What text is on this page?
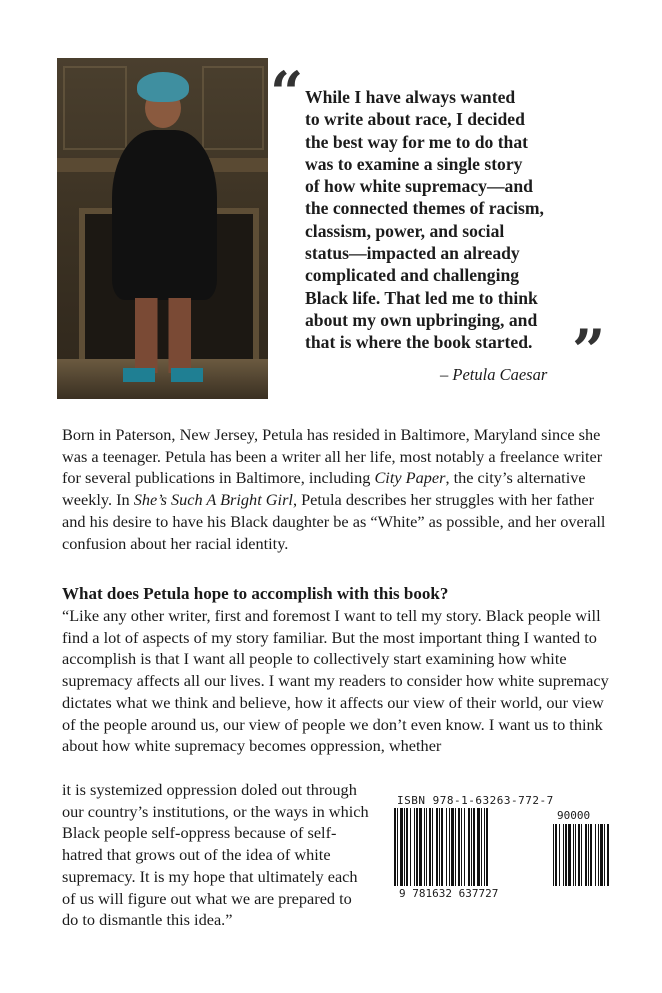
“ While I have always wanted
to write about race, I decided
the best way for me to do that
was to examine a single story
of how white supremacy—and
the connected themes of racism,
classism, power, and social
status—impacted an already
complicated and challenging
Black life. That led me to think
about my own upbringing, and
that is where the book started. ”
– Petula Caesar

Born in Paterson, New Jersey, Petula has resided in Baltimore, Maryland since she was a teenager. Petula has been a writer all her life, most notably a freelance writer for several publications in Baltimore, including City Paper, the city’s alternative weekly. In She’s Such A Bright Girl, Petula describes her struggles with her father and his desire to have his Black daughter be as “White” as possible, and her overall confusion about her racial identity.

What does Petula hope to accomplish with this book?

“Like any other writer, first and foremost I want to tell my story. Black people will find a lot of aspects of my story familiar. But the most important thing I wanted to accomplish is that I want all people to collectively start examining how white supremacy affects all our lives. I want my readers to consider how white supremacy dictates what we think and believe, how it affects our view of their world, our view of the people around us, our view of people we don’t even know. I want us to think about how white supremacy becomes oppression, whether

it is systemized oppression doled out through our country’s institutions, or the ways in which Black people self-oppress because of self-hatred that grows out of the idea of white supremacy. It is my hope that ultimately each of us will figure out what we are prepared to do to dismantle this idea.”

ISBN 978-1-63263-772-7
90000
9 781632 637727
